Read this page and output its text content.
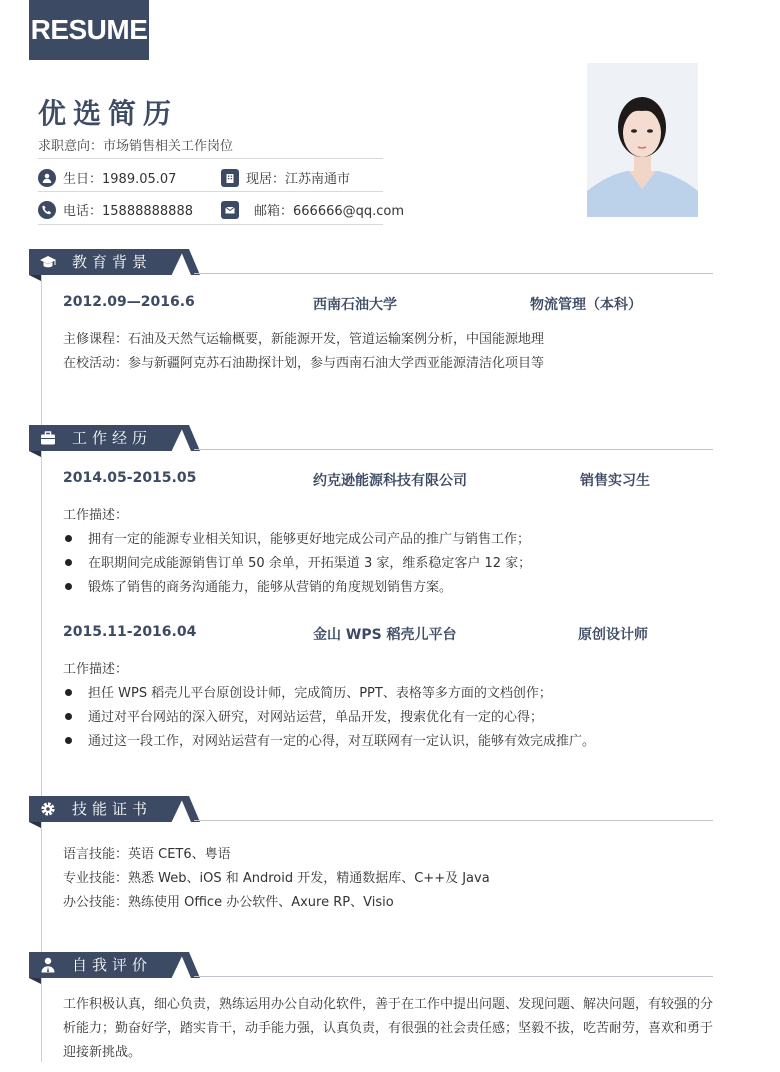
RESUME
优选简历
求职意向：市场销售相关工作岗位
生日：1989.05.07	现居：江苏南通市
电话：15888888888	邮箱：666666@qq.com
教育背景
2012.09—2016.6	西南石油大学	物流管理（本科）
主修课程：石油及天然气运输概要，新能源开发，管道运输案例分析，中国能源地理
在校活动：参与新疆阿克苏石油勘探计划，参与西南石油大学西亚能源清洁化项目等
工作经历
2014.05-2015.05	约克逊能源科技有限公司	销售实习生
工作描述：
拥有一定的能源专业相关知识，能够更好地完成公司产品的推广与销售工作；
在职期间完成能源销售订单 50 余单，开拓渠道 3 家，维系稳定客户 12 家；
锻炼了销售的商务沟通能力，能够从营销的角度规划销售方案。
2015.11-2016.04	金山 WPS 稻壳儿平台	原创设计师
工作描述：
担任 WPS 稻壳儿平台原创设计师，完成简历、PPT、表格等多方面的文档创作；
通过对平台网站的深入研究，对网站运营，单品开发，搜索优化有一定的心得；
通过这一段工作，对网站运营有一定的心得，对互联网有一定认识，能够有效完成推广。
技能证书
语言技能：英语 CET6、粤语
专业技能：熟悉 Web、iOS 和 Android 开发，精通数据库、C++及 Java
办公技能：熟练使用 Office 办公软件、Axure RP、Visio
自我评价
工作积极认真，细心负责，熟练运用办公自动化软件，善于在工作中提出问题、发现问题、解决问题，有较强的分析能力；勤奋好学，踏实肯干，动手能力强，认真负责，有很强的社会责任感；坚毅不拔，吃苦耐劳，喜欢和勇于迎接新挑战。
